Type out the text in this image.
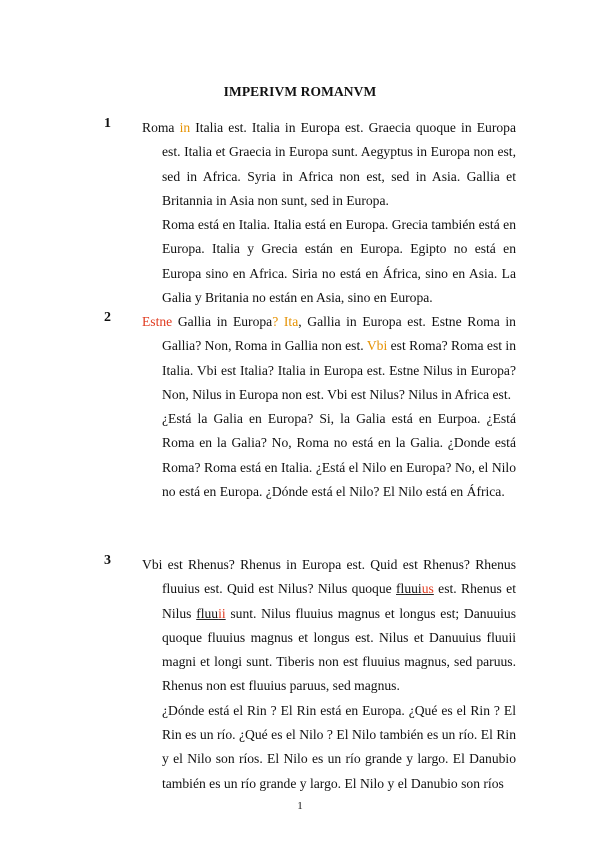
IMPERIVM ROMANVM
1 Roma in Italia est. Italia in Europa est. Graecia quoque in Europa est. Italia et Graecia in Europa sunt. Aegyptus in Europa non est, sed in Africa. Syria in Africa non est, sed in Asia. Gallia et Britannia in Asia non sunt, sed in Europa.

Roma está en Italia. Italia está en Europa. Grecia también está en Europa. Italia y Grecia están en Europa. Egipto no está en Europa sino en Africa. Siria no está en África, sino en Asia. La Galia y Britania no están en Asia, sino en Europa.

2 Estne Gallia in Europa? Ita, Gallia in Europa est. Estne Roma in Gallia? Non, Roma in Gallia non est. Vbi est Roma? Roma est in Italia. Vbi est Italia? Italia in Europa est. Estne Nilus in Europa? Non, Nilus in Europa non est. Vbi est Nilus? Nilus in Africa est.

¿Está la Galia en Europa? Si, la Galia está en Eurpoa. ¿Está Roma en la Galia? No, Roma no está en la Galia. ¿Donde está Roma? Roma está en Italia. ¿Está el Nilo en Europa? No, el Nilo no está en Europa. ¿Dónde está el Nilo? El Nilo está en África.

3 Vbi est Rhenus? Rhenus in Europa est. Quid est Rhenus? Rhenus fluuius est. Quid est Nilus? Nilus quoque fluuius est. Rhenus et Nilus fluuii sunt. Nilus fluuius magnus et longus est; Danuuius quoque fluuius magnus et longus est. Nilus et Danuuius fluuii magni et longi sunt. Tiberis non est fluuius magnus, sed paruus. Rhenus non est fluuius paruus, sed magnus.

¿Dónde está el Rin ? El Rin está en Europa. ¿Qué es el Rin ? El Rin es un río. ¿Qué es el Nilo ? El Nilo también es un río. El Rin y el Nilo son ríos. El Nilo es un río grande y largo. El Danubio también es un río grande y largo. El Nilo y el Danubio son ríos

1
